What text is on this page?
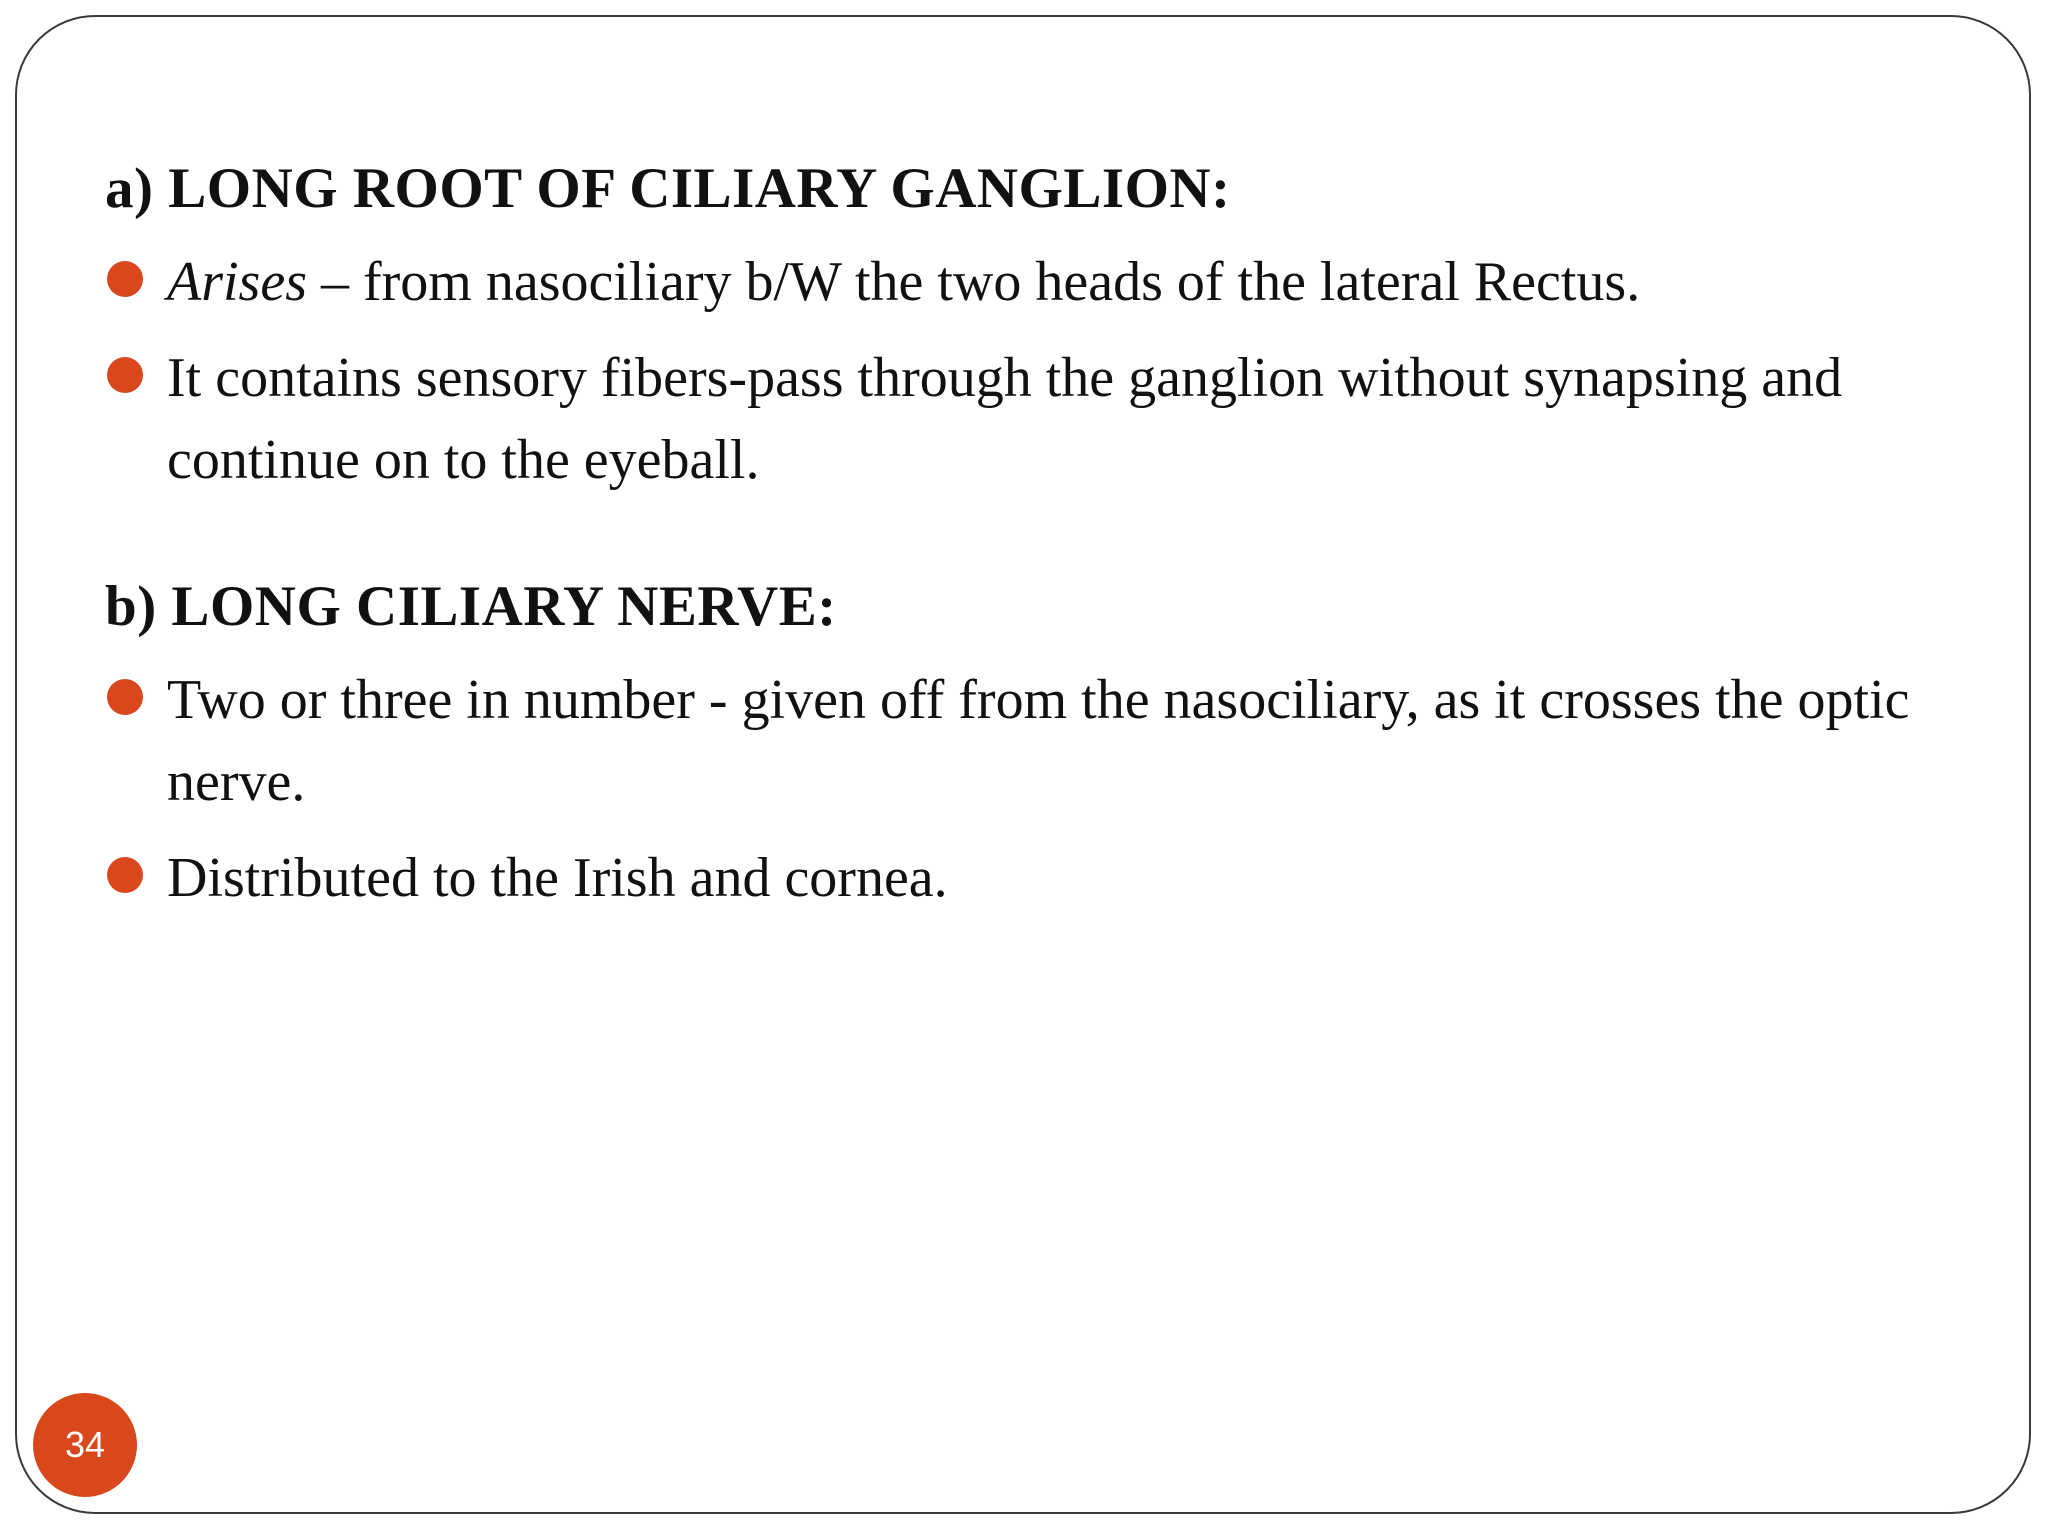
a) LONG ROOT OF CILIARY GANGLION:
Arises – from nasociliary b/W the two heads of the lateral Rectus.
It contains sensory fibers-pass through the ganglion without synapsing and continue on to the eyeball.
b) LONG CILIARY NERVE:
Two or three in number - given off from the nasociliary, as it crosses the optic nerve.
Distributed to the Irish and cornea.
34
